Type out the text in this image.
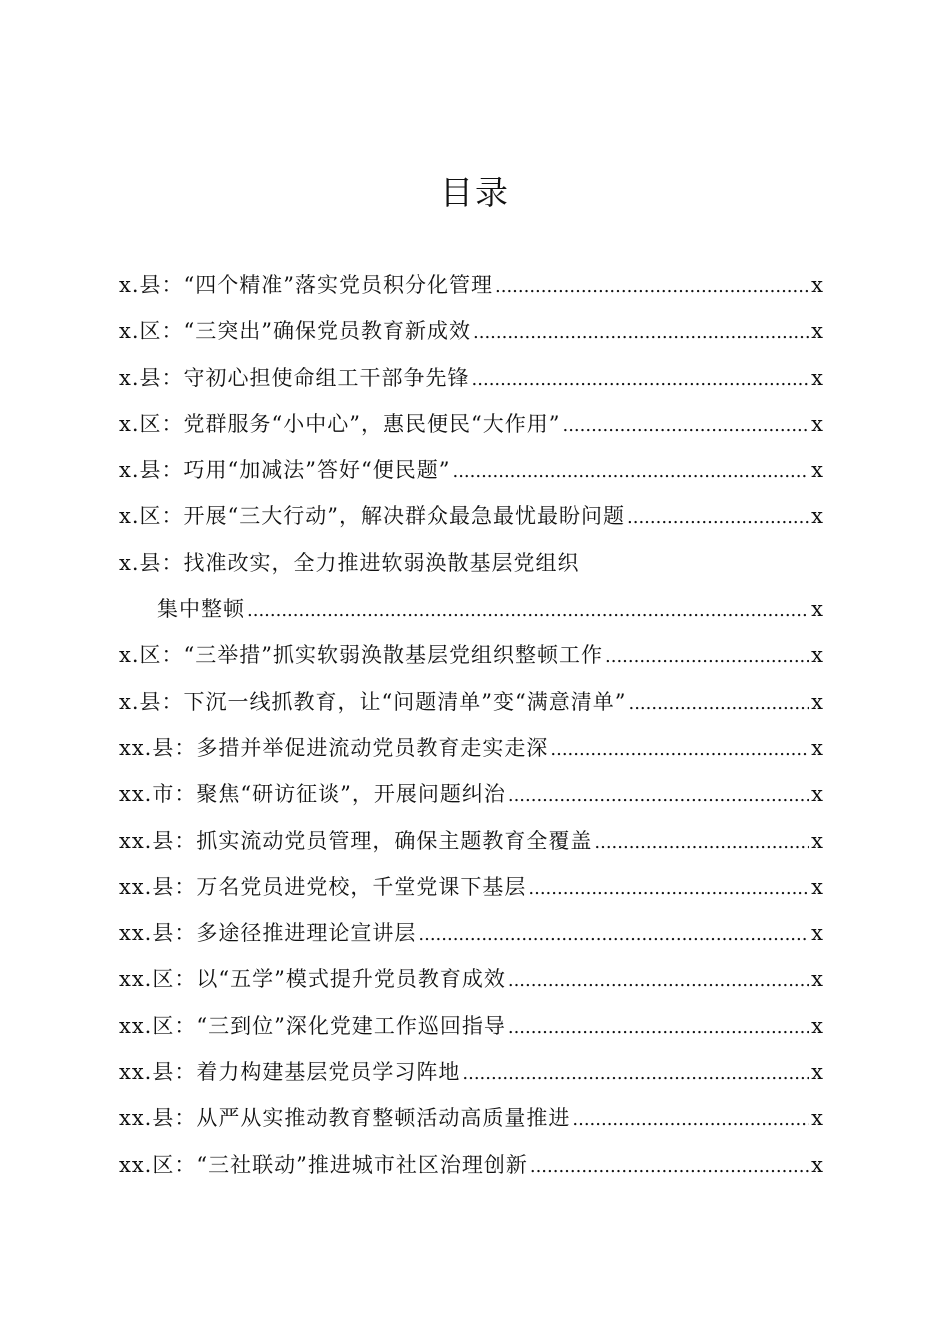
目录
x.县：“四个精准”落实党员积分化管理 .....	x
x.区：“三突出”确保党员教育新成效 .....	x
x.县：守初心担使命组工干部争先锋 .....	x
x.区：党群服务“小中心”，惠民便民“大作用” .....	x
x.县：巧用“加减法”答好“便民题” .....	x
x.区：开展“三大行动”，解决群众最急最忧最盼问题 .....	x
x.县：找准改实，全力推进软弱涣散基层党组织
集中整顿 .....	x
x.区：“三举措”抓实软弱涣散基层党组织整顿工作 .....	x
x.县：下沉一线抓教育，让“问题清单”变“满意清单” .....	x
xx.县：多措并举促进流动党员教育走实走深 .....	x
xx.市：聚焦“研访征谈”，开展问题纠治 .....	x
xx.县：抓实流动党员管理，确保主题教育全覆盖 .....	x
xx.县：万名党员进党校，千堂党课下基层 .....	x
xx.县：多途径推进理论宣讲层 .....	x
xx.区：以“五学”模式提升党员教育成效 .....	x
xx.区：“三到位”深化党建工作巡回指导 .....	x
xx.县：着力构建基层党员学习阵地 .....	x
xx.县：从严从实推动教育整顿活动高质量推进 .....	x
xx.区：“三社联动”推进城市社区治理创新 .....	x
